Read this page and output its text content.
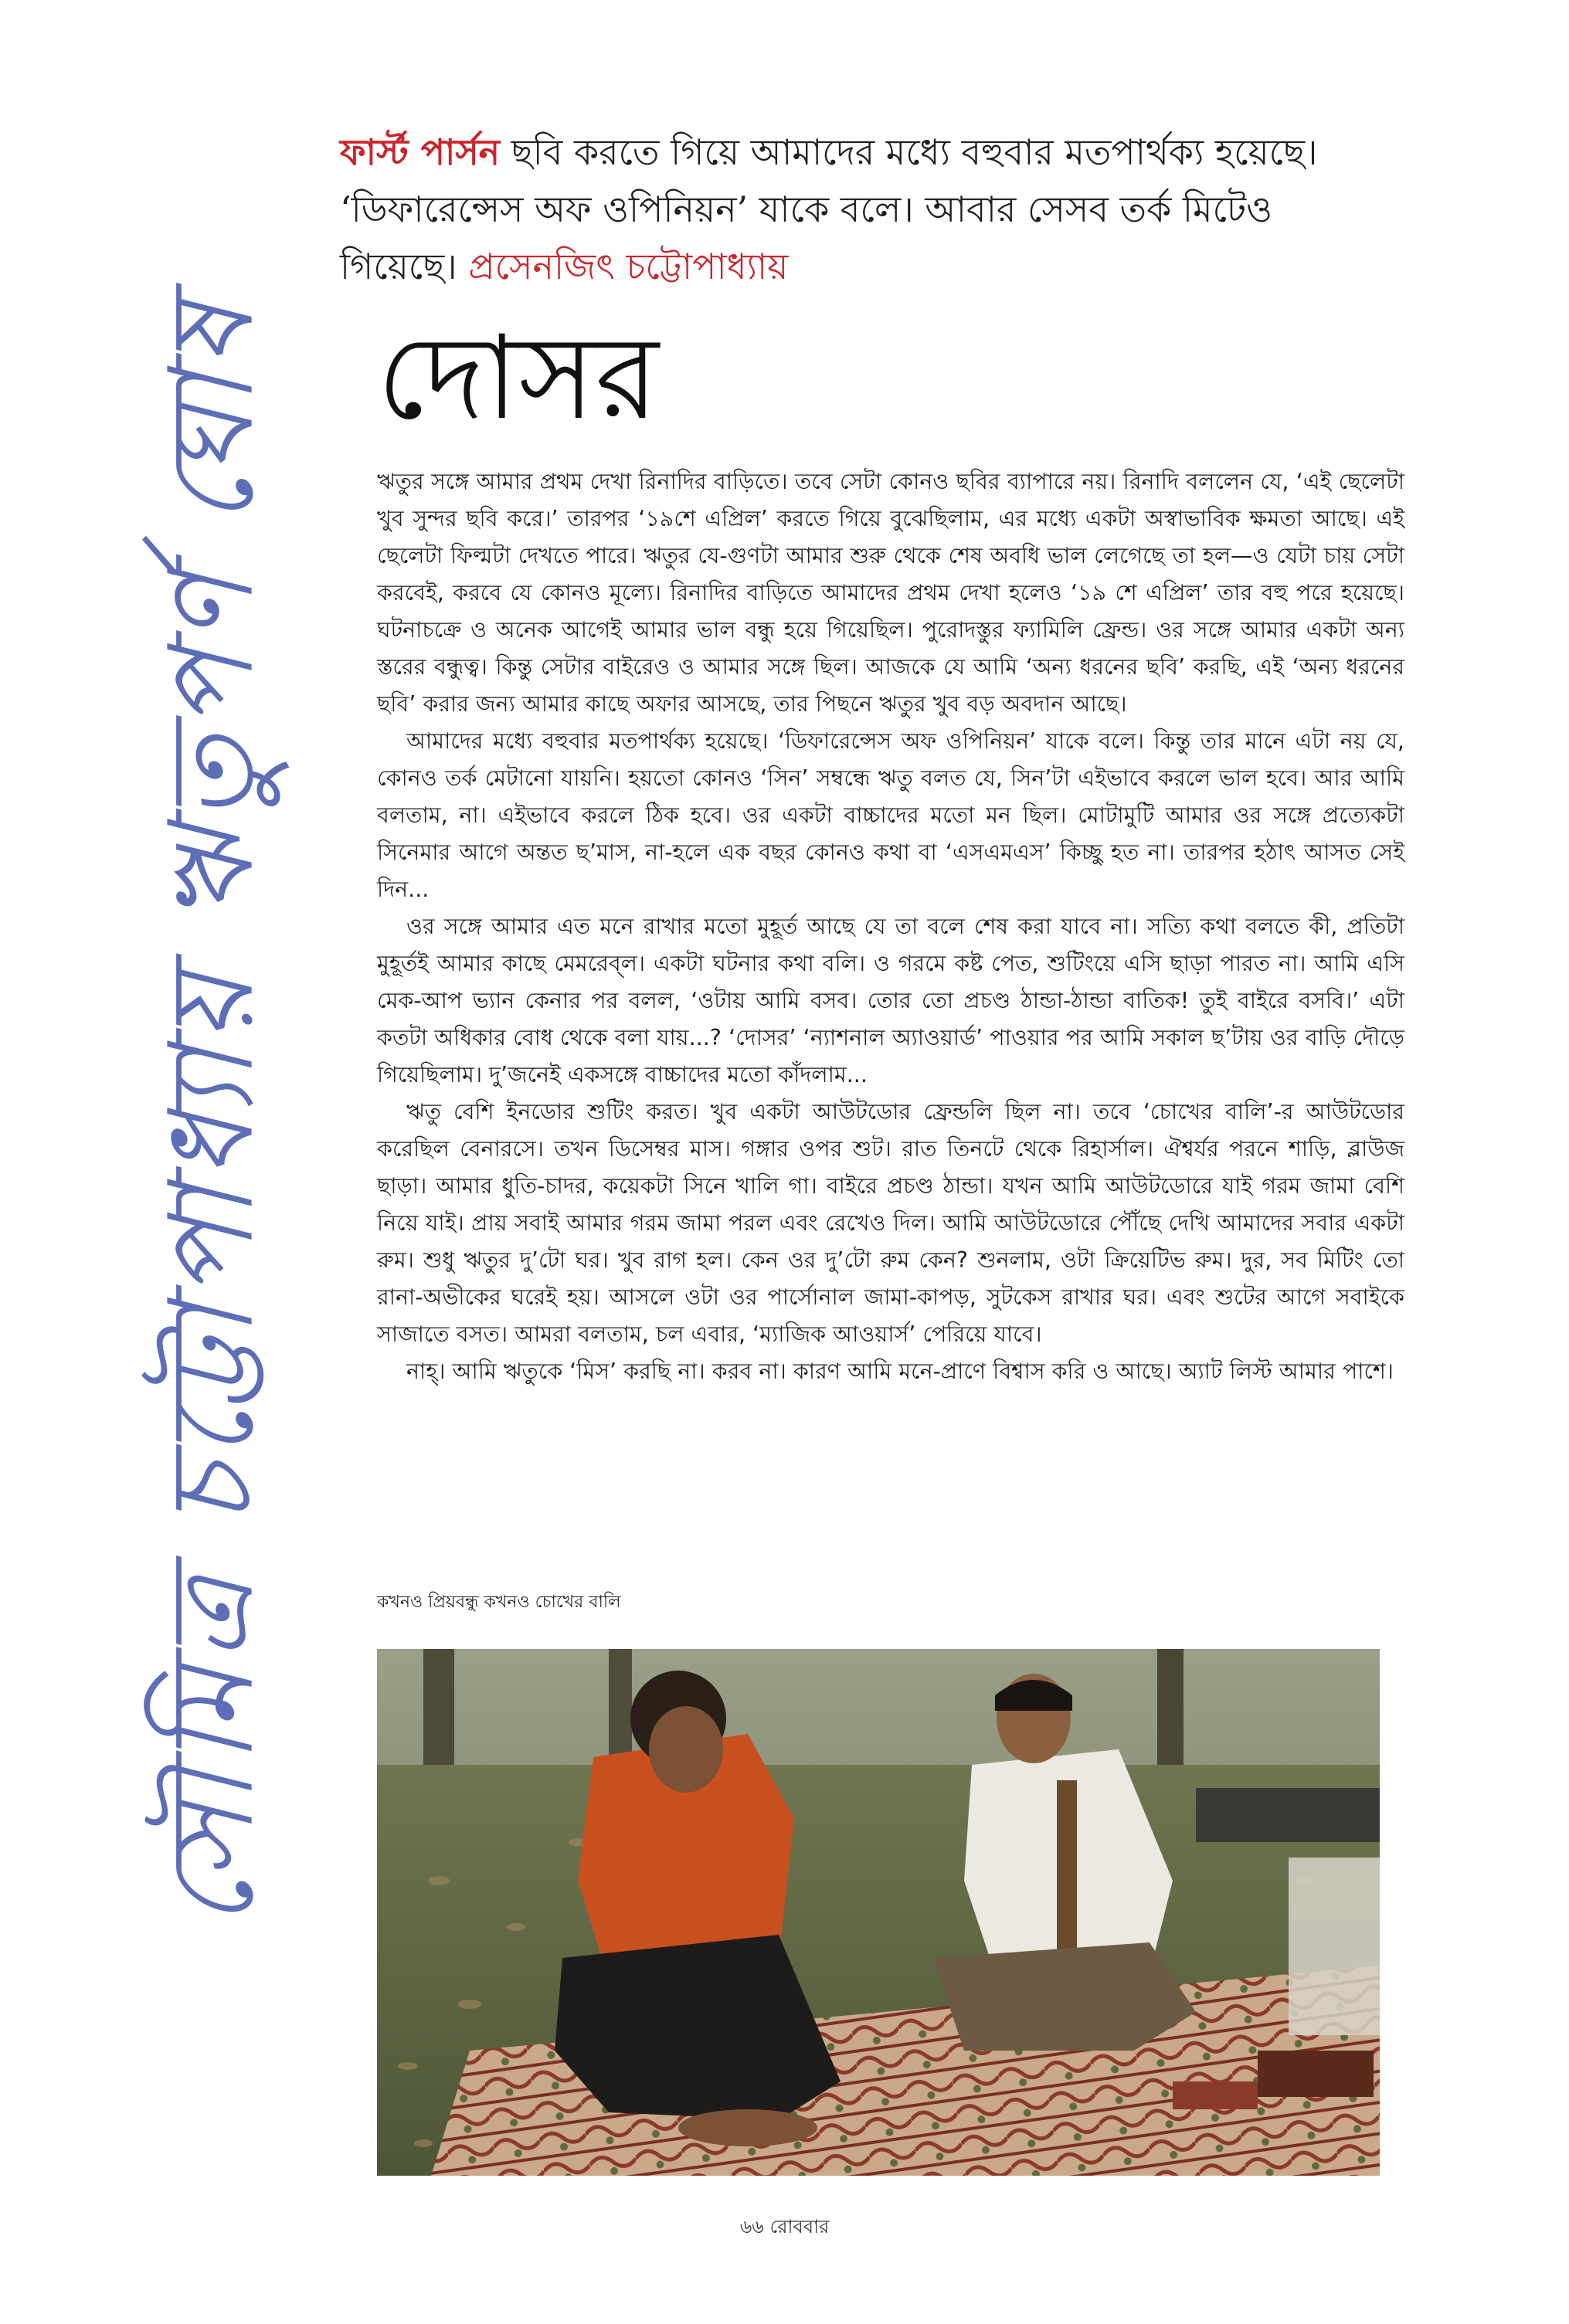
সৌমিত্র চট্টোপাধ্যায় ঋতুপর্ণ ঘোষ
ফার্স্ট পার্সন ছবি করতে গিয়ে আমাদের মধ্যে বহুবার মতপার্থক্য হয়েছে।
‘ডিফারেন্সেস অফ ওপিনিয়ন’ যাকে বলে। আবার সেসব তর্ক মিটেও
গিয়েছে। প্রসেনজিৎ চট্টোপাধ্যায়
দোসর

ঋতুর সঙ্গে আমার প্রথম দেখা রিনাদির বাড়িতে। তবে সেটা কোনও ছবির ব্যাপারে নয়। রিনাদি বললেন যে, ‘এই ছেলেটা খুব সুন্দর ছবি করে।’ তারপর ‘১৯শে এপ্রিল’ করতে গিয়ে বুঝেছিলাম, এর মধ্যে একটা অস্বাভাবিক ক্ষমতা আছে। এই ছেলেটা ফিল্মটা দেখতে পারে। ঋতুর যে-গুণটা আমার শুরু থেকে শেষ অবধি ভাল লেগেছে তা হল—ও যেটা চায় সেটা করবেই, করবে যে কোনও মূল্যে। রিনাদির বাড়িতে আমাদের প্রথম দেখা হলেও ‘১৯ শে এপ্রিল’ তার বহু পরে হয়েছে। ঘটনাচক্রে ও অনেক আগেই আমার ভাল বন্ধু হয়ে গিয়েছিল। পুরোদস্তুর ফ্যামিলি ফ্রেন্ড। ওর সঙ্গে আমার একটা অন্য স্তরের বন্ধুত্ব। কিন্তু সেটার বাইরেও ও আমার সঙ্গে ছিল। আজকে যে আমি ‘অন্য ধরনের ছবি’ করছি, এই ‘অন্য ধরনের ছবি’ করার জন্য আমার কাছে অফার আসছে, তার পিছনে ঋতুর খুব বড় অবদান আছে।

আমাদের মধ্যে বহুবার মতপার্থক্য হয়েছে। ‘ডিফারেন্সেস অফ ওপিনিয়ন’ যাকে বলে। কিন্তু তার মানে এটা নয় যে, কোনও তর্ক মেটানো যায়নি। হয়তো কোনও ‘সিন’ সম্বন্ধে ঋতু বলত যে, সিন’টা এইভাবে করলে ভাল হবে। আর আমি বলতাম, না। এইভাবে করলে ঠিক হবে। ওর একটা বাচ্চাদের মতো মন ছিল। মোটামুটি আমার ওর সঙ্গে প্রত্যেকটা সিনেমার আগে অন্তত ছ’মাস, না-হলে এক বছর কোনও কথা বা ‘এসএমএস’ কিচ্ছু হত না। তারপর হঠাৎ আসত সেই দিন...

ওর সঙ্গে আমার এত মনে রাখার মতো মুহূর্ত আছে যে তা বলে শেষ করা যাবে না। সত্যি কথা বলতে কী, প্রতিটা মুহূর্তই আমার কাছে মেমরেব্‌ল। একটা ঘটনার কথা বলি। ও গরমে কষ্ট পেত, শুটিংয়ে এসি ছাড়া পারত না। আমি এসি মেক-আপ ভ্যান কেনার পর বলল, ‘ওটায় আমি বসব। তোর তো প্রচণ্ড ঠান্ডা-ঠান্ডা বাতিক! তুই বাইরে বসবি।’ এটা কতটা অধিকার বোধ থেকে বলা যায়...? ‘দোসর’ ‘ন্যাশনাল অ্যাওয়ার্ড’ পাওয়ার পর আমি সকাল ছ’টায় ওর বাড়ি দৌড়ে গিয়েছিলাম। দু’জনেই একসঙ্গে বাচ্চাদের মতো কাঁদলাম...

ঋতু বেশি ইনডোর শুটিং করত। খুব একটা আউটডোর ফ্রেন্ডলি ছিল না। তবে ‘চোখের বালি’-র আউটডোর করেছিল বেনারসে। তখন ডিসেম্বর মাস। গঙ্গার ওপর শুট। রাত তিনটে থেকে রিহার্সাল। ঐশ্বর্যর পরনে শাড়ি, ব্লাউজ ছাড়া। আমার ধুতি-চাদর, কয়েকটা সিনে খালি গা। বাইরে প্রচণ্ড ঠান্ডা। যখন আমি আউটডোরে যাই গরম জামা বেশি নিয়ে যাই। প্রায় সবাই আমার গরম জামা পরল এবং রেখেও দিল। আমি আউটডোরে পৌঁছে দেখি আমাদের সবার একটা রুম। শুধু ঋতুর দু’টো ঘর। খুব রাগ হল। কেন ওর দু’টো রুম কেন? শুনলাম, ওটা ক্রিয়েটিভ রুম। দুর, সব মিটিং তো রানা-অভীকের ঘরেই হয়। আসলে ওটা ওর পার্সোনাল জামা-কাপড়, সুটকেস রাখার ঘর। এবং শুটের আগে সবাইকে সাজাতে বসত। আমরা বলতাম, চল এবার, ‘ম্যাজিক আওয়ার্স’ পেরিয়ে যাবে।

নাহ্। আমি ঋতুকে ‘মিস’ করছি না। করব না। কারণ আমি মনে-প্রাণে বিশ্বাস করি ও আছে। অ্যাট লিস্ট আমার পাশে।

কখনও প্রিয়বন্ধু কখনও চোখের বালি
৬৬ রোববার
